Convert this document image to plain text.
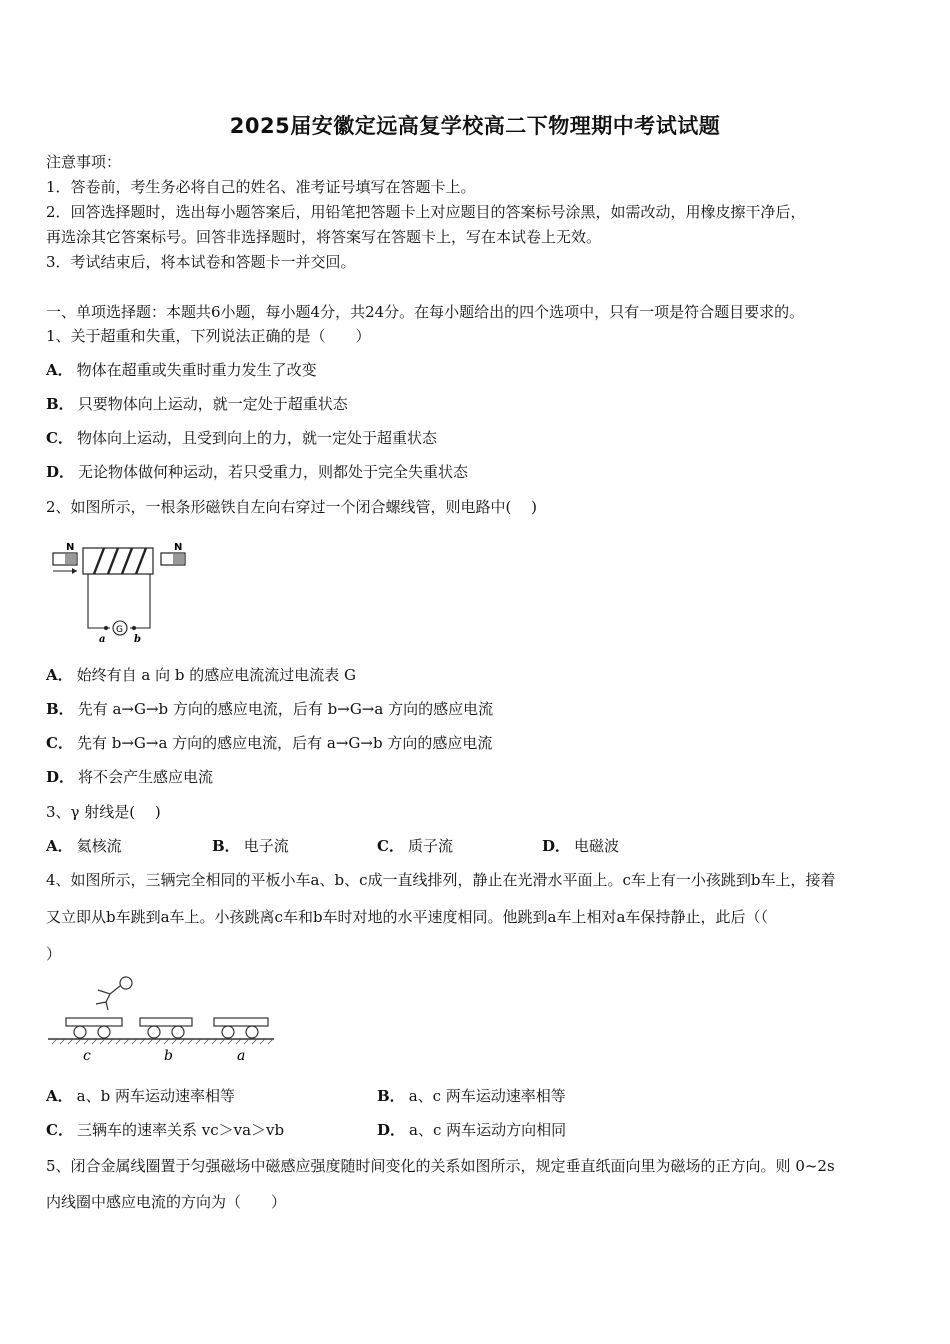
2025届安徽定远高复学校高二下物理期中考试试题
注意事项：
1．答卷前，考生务必将自己的姓名、准考证号填写在答题卡上。
2．回答选择题时，选出每小题答案后，用铅笔把答题卡上对应题目的答案标号涂黑，如需改动，用橡皮擦干净后，
再选涂其它答案标号。回答非选择题时，将答案写在答题卡上，写在本试卷上无效。
3．考试结束后，将本试卷和答题卡一并交回。
一、单项选择题：本题共6小题，每小题4分，共24分。在每小题给出的四个选项中，只有一项是符合题目要求的。
1、关于超重和失重，下列说法正确的是（　　）
A． 物体在超重或失重时重力发生了改变
B． 只要物体向上运动，就一定处于超重状态
C． 物体向上运动，且受到向上的力，就一定处于超重状态
D． 无论物体做何种运动，若只受重力，则都处于完全失重状态
2、如图所示，一根条形磁铁自左向右穿过一个闭合螺线管，则电路中(　 )
N	N
G
a	b
A． 始终有自 a 向 b 的感应电流流过电流表 G
B． 先有 a→G→b 方向的感应电流，后有 b→G→a 方向的感应电流
C． 先有 b→G→a 方向的感应电流，后有 a→G→b 方向的感应电流
D． 将不会产生感应电流
3、γ 射线是(　 )
A． 氦核流	B． 电子流	C． 质子流	D． 电磁波
4、如图所示，三辆完全相同的平板小车a、b、c成一直线排列，静止在光滑水平面上。c车上有一小孩跳到b车上，接着
又立即从b车跳到a车上。小孩跳离c车和b车时对地的水平速度相同。他跳到a车上相对a车保持静止，此后（（
）
c	b	a
A． a、b 两车运动速率相等	B． a、c 两车运动速率相等
C． 三辆车的速率关系 vc＞va＞vb	D． a、c 两车运动方向相同
5、闭合金属线圈置于匀强磁场中磁感应强度随时间变化的关系如图所示，规定垂直纸面向里为磁场的正方向。则 0~2s
内线圈中感应电流的方向为（　　）
